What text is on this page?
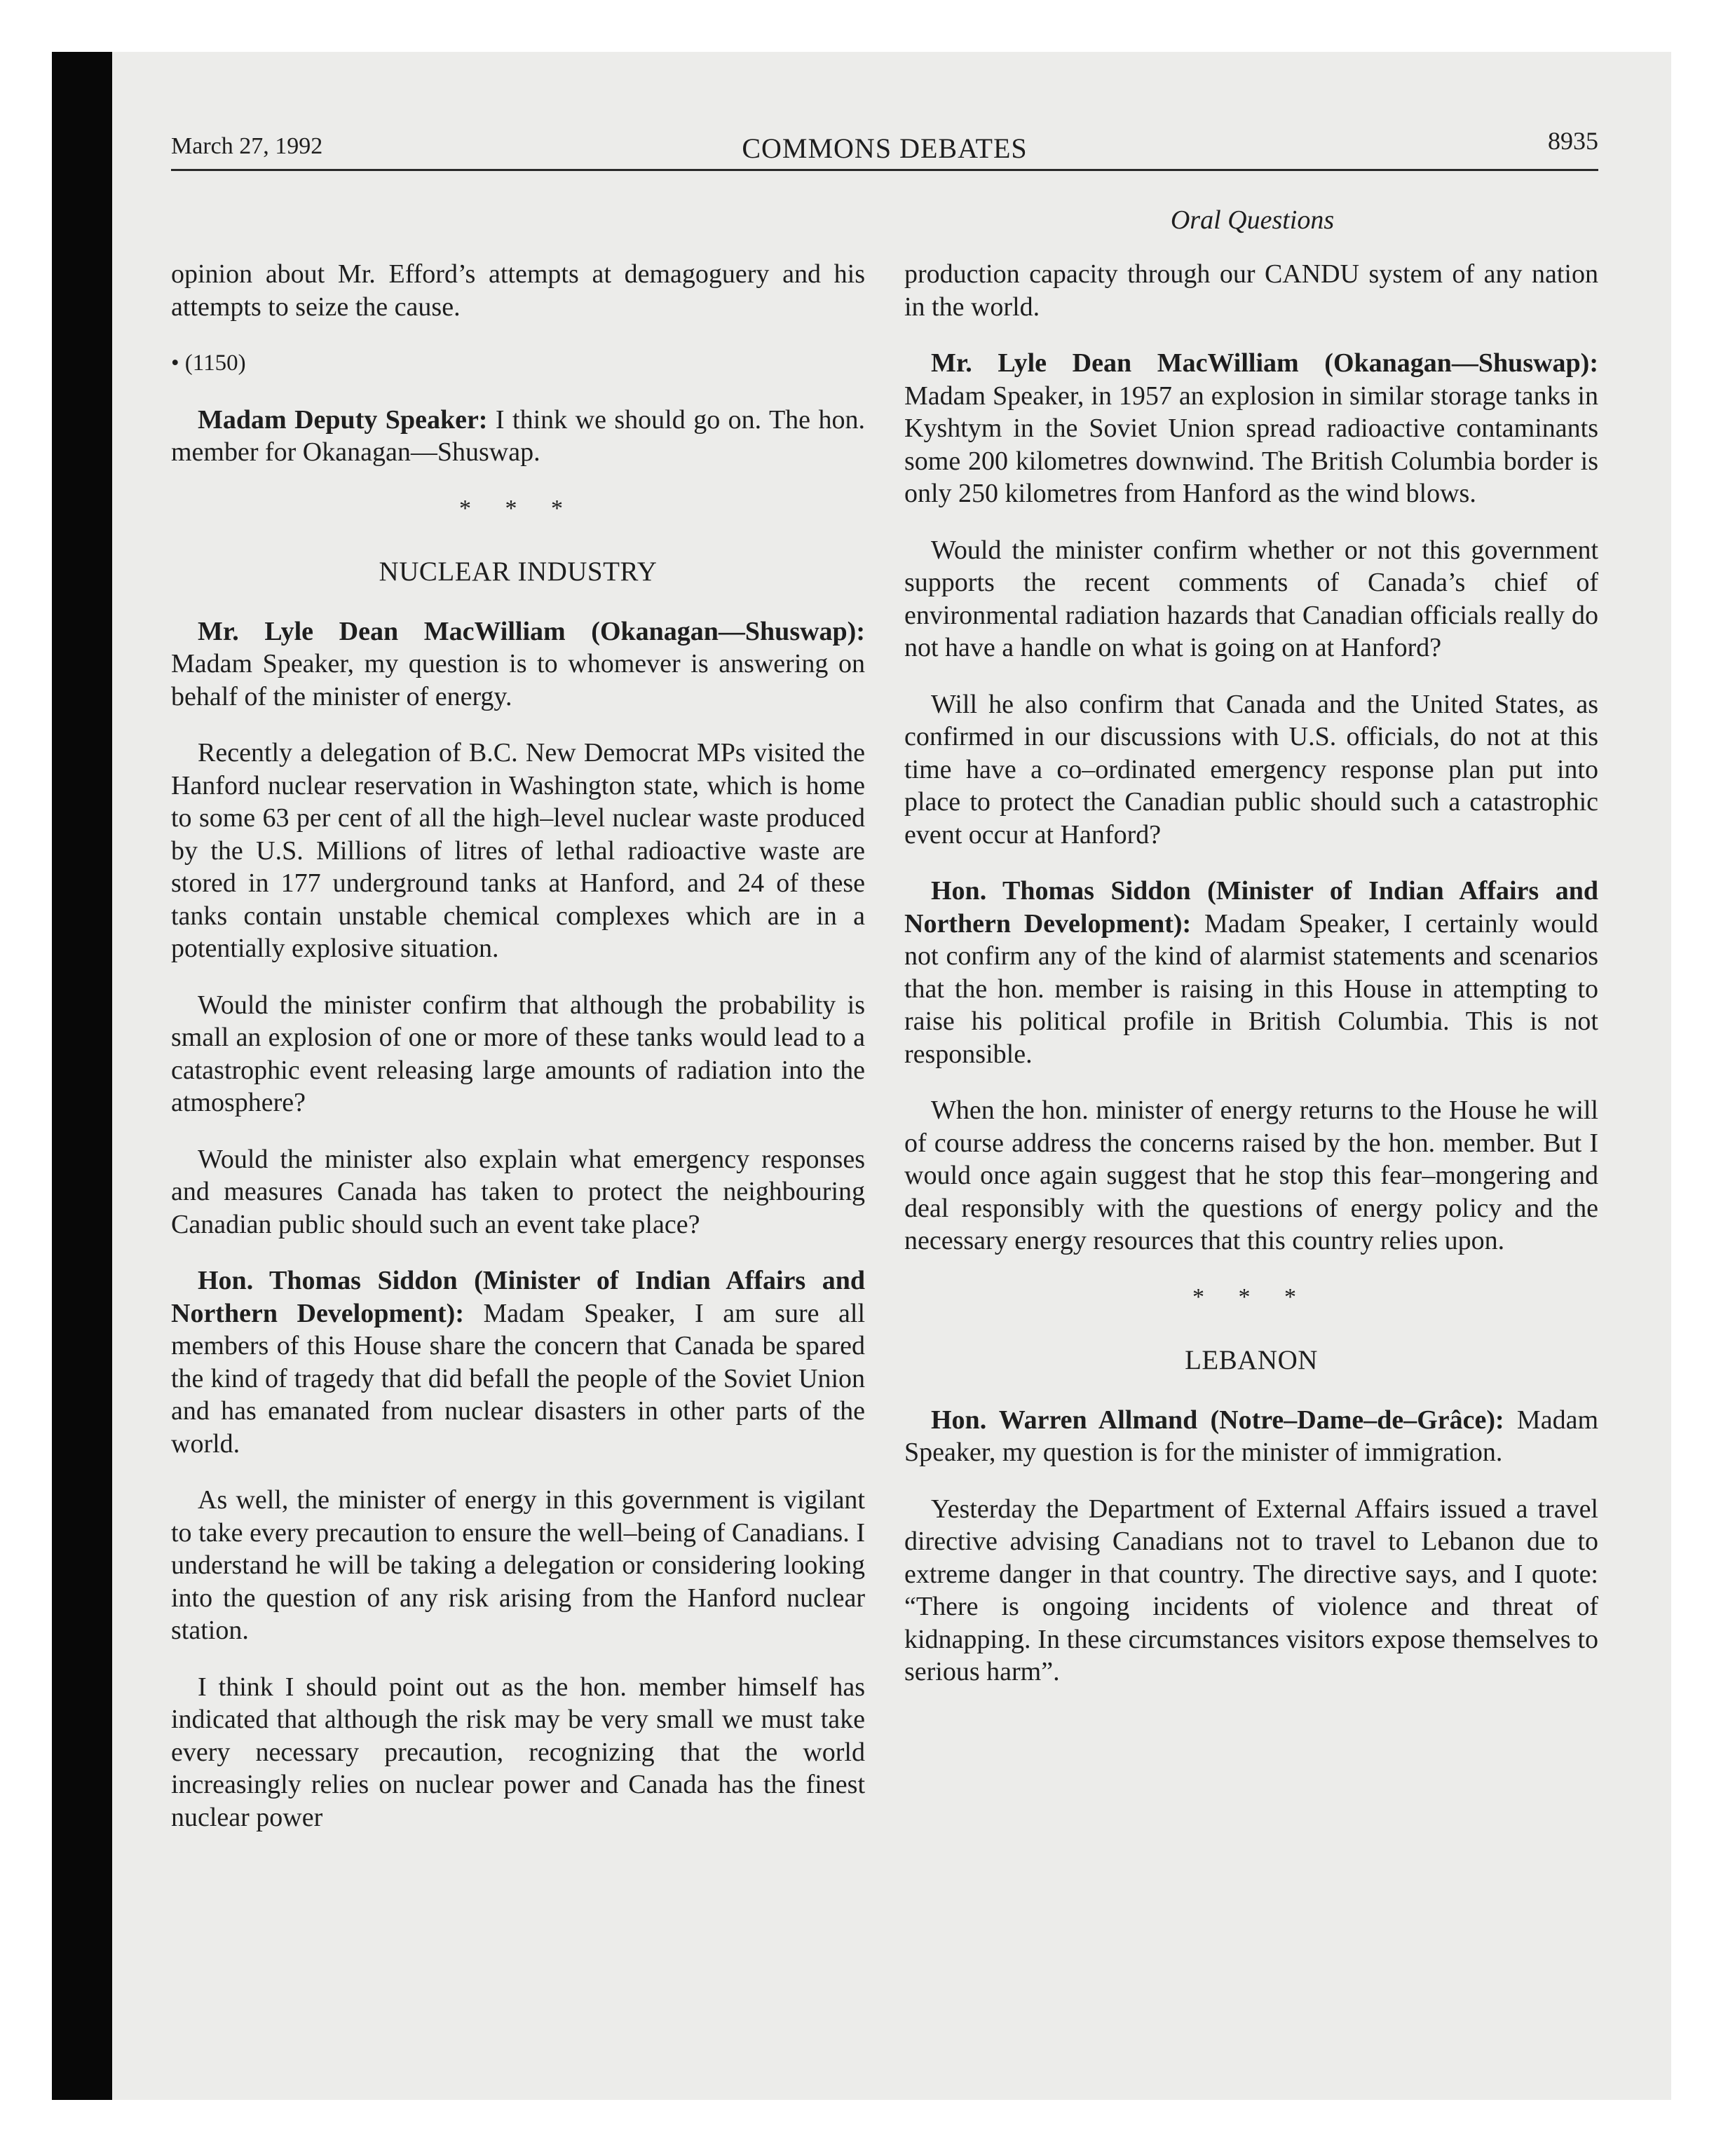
March 27, 1992	COMMONS DEBATES	8935
Oral Questions

opinion about Mr. Efford’s attempts at demagoguery and his attempts to seize the cause.

• (1150)

Madam Deputy Speaker: I think we should go on. The hon. member for Okanagan—Shuswap.

* * *
NUCLEAR INDUSTRY

Mr. Lyle Dean MacWilliam (Okanagan—Shuswap): Madam Speaker, my question is to whomever is answering on behalf of the minister of energy.

Recently a delegation of B.C. New Democrat MPs visited the Hanford nuclear reservation in Washington state, which is home to some 63 per cent of all the high–level nuclear waste produced by the U.S. Millions of litres of lethal radioactive waste are stored in 177 underground tanks at Hanford, and 24 of these tanks contain unstable chemical complexes which are in a potentially explosive situation.

Would the minister confirm that although the probability is small an explosion of one or more of these tanks would lead to a catastrophic event releasing large amounts of radiation into the atmosphere?

Would the minister also explain what emergency responses and measures Canada has taken to protect the neighbouring Canadian public should such an event take place?

Hon. Thomas Siddon (Minister of Indian Affairs and Northern Development): Madam Speaker, I am sure all members of this House share the concern that Canada be spared the kind of tragedy that did befall the people of the Soviet Union and has emanated from nuclear disasters in other parts of the world.

As well, the minister of energy in this government is vigilant to take every precaution to ensure the well–being of Canadians. I understand he will be taking a delegation or considering looking into the question of any risk arising from the Hanford nuclear station.

I think I should point out as the hon. member himself has indicated that although the risk may be very small we must take every necessary precaution, recognizing that the world increasingly relies on nuclear power and Canada has the finest nuclear power

production capacity through our CANDU system of any nation in the world.

Mr. Lyle Dean MacWilliam (Okanagan—Shuswap): Madam Speaker, in 1957 an explosion in similar storage tanks in Kyshtym in the Soviet Union spread radioactive contaminants some 200 kilometres downwind. The British Columbia border is only 250 kilometres from Hanford as the wind blows.

Would the minister confirm whether or not this government supports the recent comments of Canada’s chief of environmental radiation hazards that Canadian officials really do not have a handle on what is going on at Hanford?

Will he also confirm that Canada and the United States, as confirmed in our discussions with U.S. officials, do not at this time have a co–ordinated emergency response plan put into place to protect the Canadian public should such a catastrophic event occur at Hanford?

Hon. Thomas Siddon (Minister of Indian Affairs and Northern Development): Madam Speaker, I certainly would not confirm any of the kind of alarmist statements and scenarios that the hon. member is raising in this House in attempting to raise his political profile in British Columbia. This is not responsible.

When the hon. minister of energy returns to the House he will of course address the concerns raised by the hon. member. But I would once again suggest that he stop this fear–mongering and deal responsibly with the questions of energy policy and the necessary energy resources that this country relies upon.

* * *
LEBANON

Hon. Warren Allmand (Notre–Dame–de–Grâce): Madam Speaker, my question is for the minister of immigration.

Yesterday the Department of External Affairs issued a travel directive advising Canadians not to travel to Lebanon due to extreme danger in that country. The directive says, and I quote: “There is ongoing incidents of violence and threat of kidnapping. In these circumstances visitors expose themselves to serious harm”.
